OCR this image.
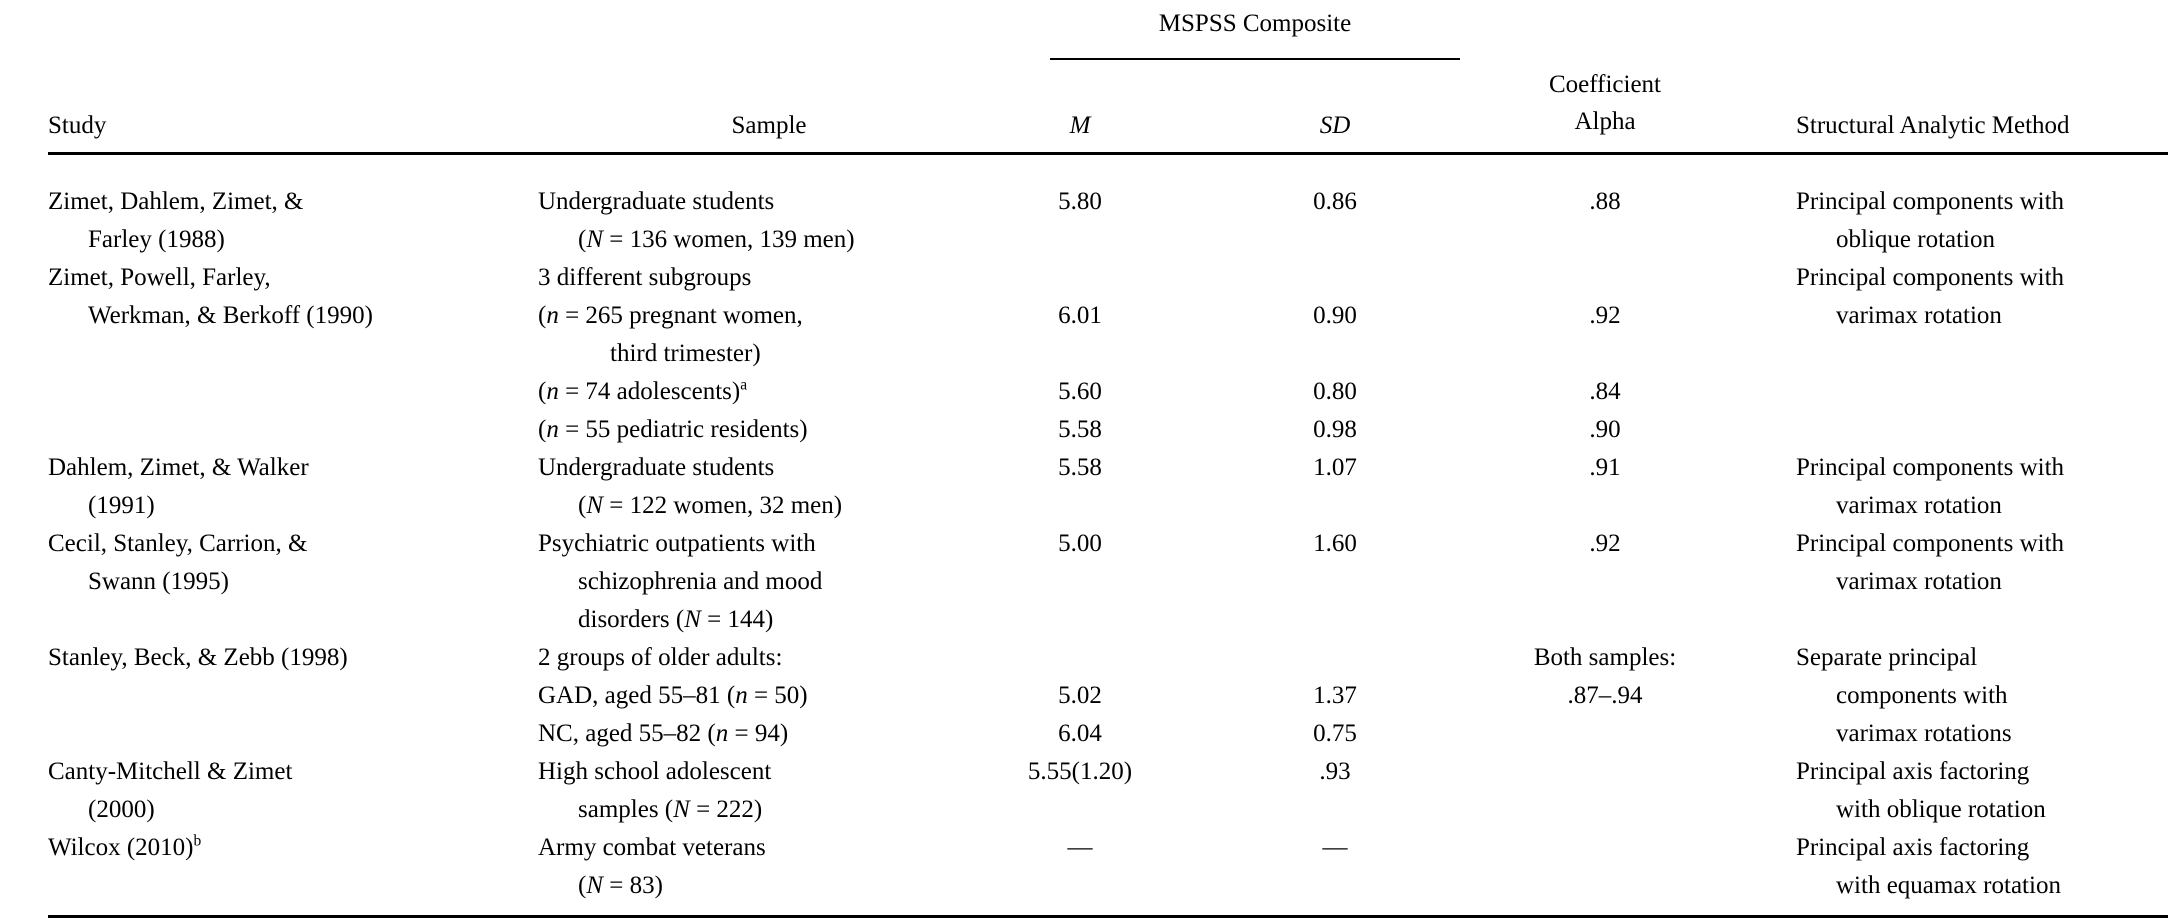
		MSPSS Composite		Coefficient
Alpha	

Study	Sample	M	SD		Structural Analytic Method
Zimet, Dahlem, Zimet, &	Undergraduate students	5.80	0.86	.88	Principal components with
Farley (1988)	(N = 136 women, 139 men)				oblique rotation
Zimet, Powell, Farley,	3 different subgroups				Principal components with
Werkman, & Berkoff (1990)	(n = 265 pregnant women,	6.01	0.90	.92	varimax rotation
	third trimester)				
	(n = 74 adolescents)$^a$	5.60	0.80	.84	
	(n = 55 pediatric residents)	5.58	0.98	.90	
Dahlem, Zimet, & Walker	Undergraduate students	5.58	1.07	.91	Principal components with
(1991)	(N = 122 women, 32 men)				varimax rotation
Cecil, Stanley, Carrion, &	Psychiatric outpatients with	5.00	1.60	.92	Principal components with
Swann (1995)	schizophrenia and mood				varimax rotation
	disorders (N = 144)				
Stanley, Beck, & Zebb (1998)	2 groups of older adults:			Both samples:	Separate principal
	GAD, aged 55–81 (n = 50)	5.02	1.37	.87–.94	components with
	NC, aged 55–82 (n = 94)	6.04	0.75		varimax rotations
Canty-Mitchell & Zimet	High school adolescent	5.55(1.20)	.93		Principal axis factoring
(2000)	samples (N = 222)				with oblique rotation
Wilcox $(2010)^b$	Army combat veterans	—	—		Principal axis factoring
	(N = 83)				with equamax rotation
